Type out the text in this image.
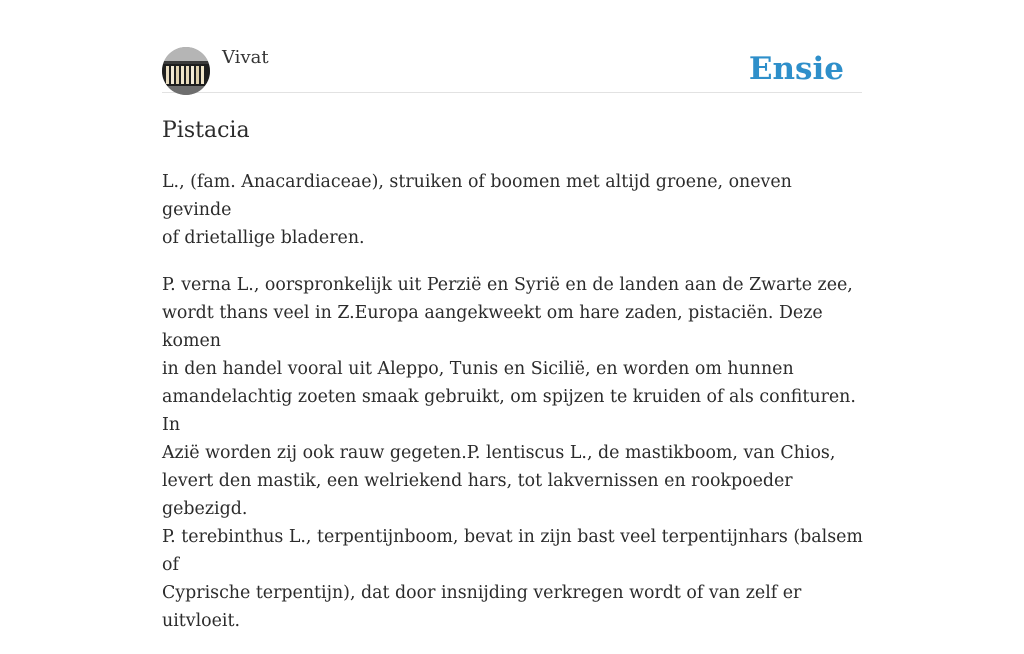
Vivat	Ensie
Pistacia

L., (fam. Anacardiaceae), struiken of boomen met altijd groene, oneven gevinde
of drietallige bladeren.

P. verna L., oorspronkelijk uit Perzië en Syrië en de landen aan de Zwarte zee,
wordt thans veel in Z.Europa aangekweekt om hare zaden, pistaciën. Deze komen
in den handel vooral uit Aleppo, Tunis en Sicilië, en worden om hunnen
amandelachtig zoeten smaak gebruikt, om spijzen te kruiden of als confituren. In
Azië worden zij ook rauw gegeten.P. lentiscus L., de mastikboom, van Chios,
levert den mastik, een welriekend hars, tot lakvernissen en rookpoeder gebezigd.
P. terebinthus L., terpentijnboom, bevat in zijn bast veel terpentijnhars (balsem of
Cyprische terpentijn), dat door insnijding verkregen wordt of van zelf er
uitvloeit.
